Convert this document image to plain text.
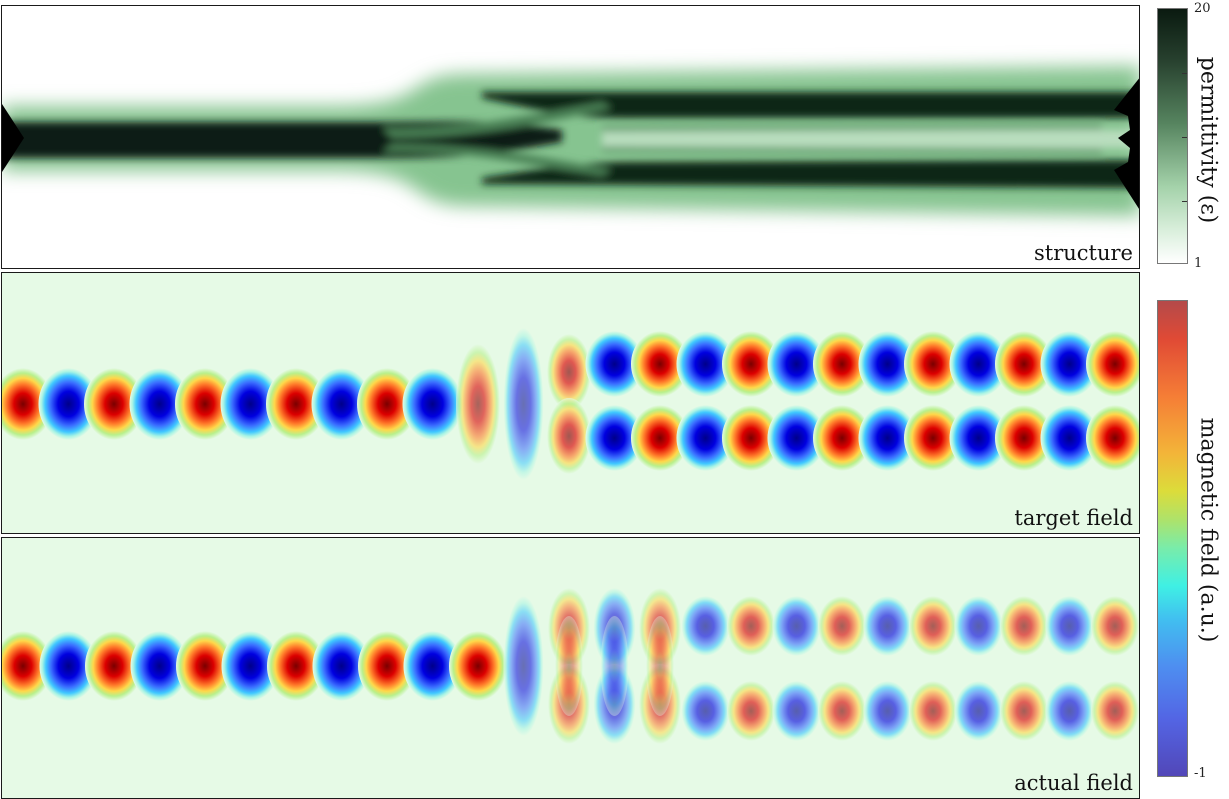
structure
target field
actual field
20
1
permittivity (ε)
-1
magnetic field (a.u.)
